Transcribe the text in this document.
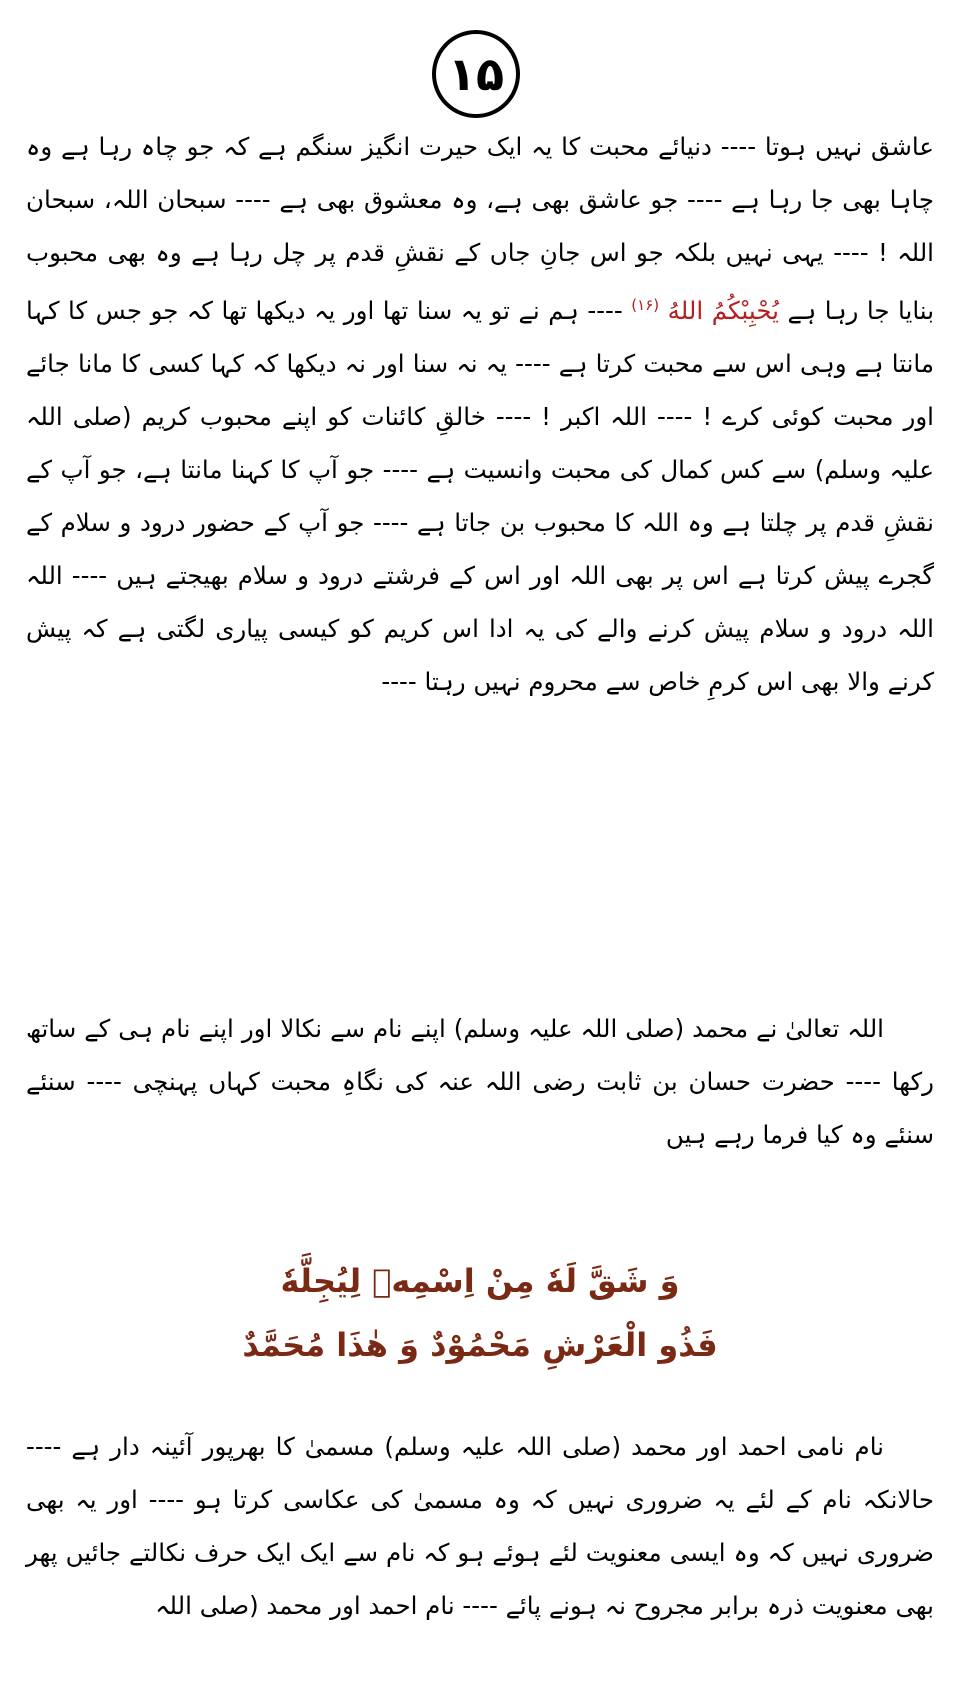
۱۵
عاشق نہیں ہوتا ---- دنیائے محبت کا یہ ایک حیرت انگیز سنگم ہے کہ جو چاہ رہا ہے وہ چاہا بھی جا رہا ہے ---- جو عاشق بھی ہے، وہ معشوق بھی ہے ---- سبحان اللہ، سبحان اللہ ! ---- یہی نہیں بلکہ جو اس جانِ جاں کے نقشِ قدم پر چل رہا ہے وہ بھی محبوب بنایا جا رہا ہے يُحْبِبْكُمُ اللهُ $^{(۱۶)}$ ---- ہم نے تو یہ سنا تھا اور یہ دیکھا تھا کہ جو جس کا کہا مانتا ہے وہی اس سے محبت کرتا ہے ---- یہ نہ سنا اور نہ دیکھا کہ کہا کسی کا مانا جائے اور محبت کوئی کرے ! ---- اللہ اکبر ! ---- خالقِ کائنات کو اپنے محبوب کریم (صلی اللہ علیہ وسلم) سے کس کمال کی محبت وانسیت ہے ---- جو آپ کا کہنا مانتا ہے، جو آپ کے نقشِ قدم پر چلتا ہے وہ اللہ کا محبوب بن جاتا ہے ---- جو آپ کے حضور درود و سلام کے گجرے پیش کرتا ہے اس پر بھی اللہ اور اس کے فرشتے درود و سلام بھیجتے ہیں ---- اللہ اللہ درود و سلام پیش کرنے والے کی یہ ادا اس کریم کو کیسی پیاری لگتی ہے کہ پیش کرنے والا بھی اس کرمِ خاص سے محروم نہیں رہتا ----
اللہ تعالیٰ نے محمد (صلی اللہ علیہ وسلم) اپنے نام سے نکالا اور اپنے نام ہی کے ساتھ رکھا ---- حضرت حسان بن ثابت رضی اللہ عنہ کی نگاہِ محبت کہاں پہنچی ---- سنئے سنئے وہ کیا فرما رہے ہیں
وَ شَقَّ لَهٗ مِنْ اِسْمِهٖ لِيُجِلَّهٗ
فَذُو الْعَرْشِ مَحْمُوْدٌ وَ هٰذَا مُحَمَّدٌ
نام نامی احمد اور محمد (صلی اللہ علیہ وسلم) مسمیٰ کا بھرپور آئینہ دار ہے ---- حالانکہ نام کے لئے یہ ضروری نہیں کہ وہ مسمیٰ کی عکاسی کرتا ہو ---- اور یہ بھی ضروری نہیں کہ وہ ایسی معنویت لئے ہوئے ہو کہ نام سے ایک ایک حرف نکالتے جائیں پھر بھی معنویت ذرہ برابر مجروح نہ ہونے پائے ---- نام احمد اور محمد (صلی اللہ
